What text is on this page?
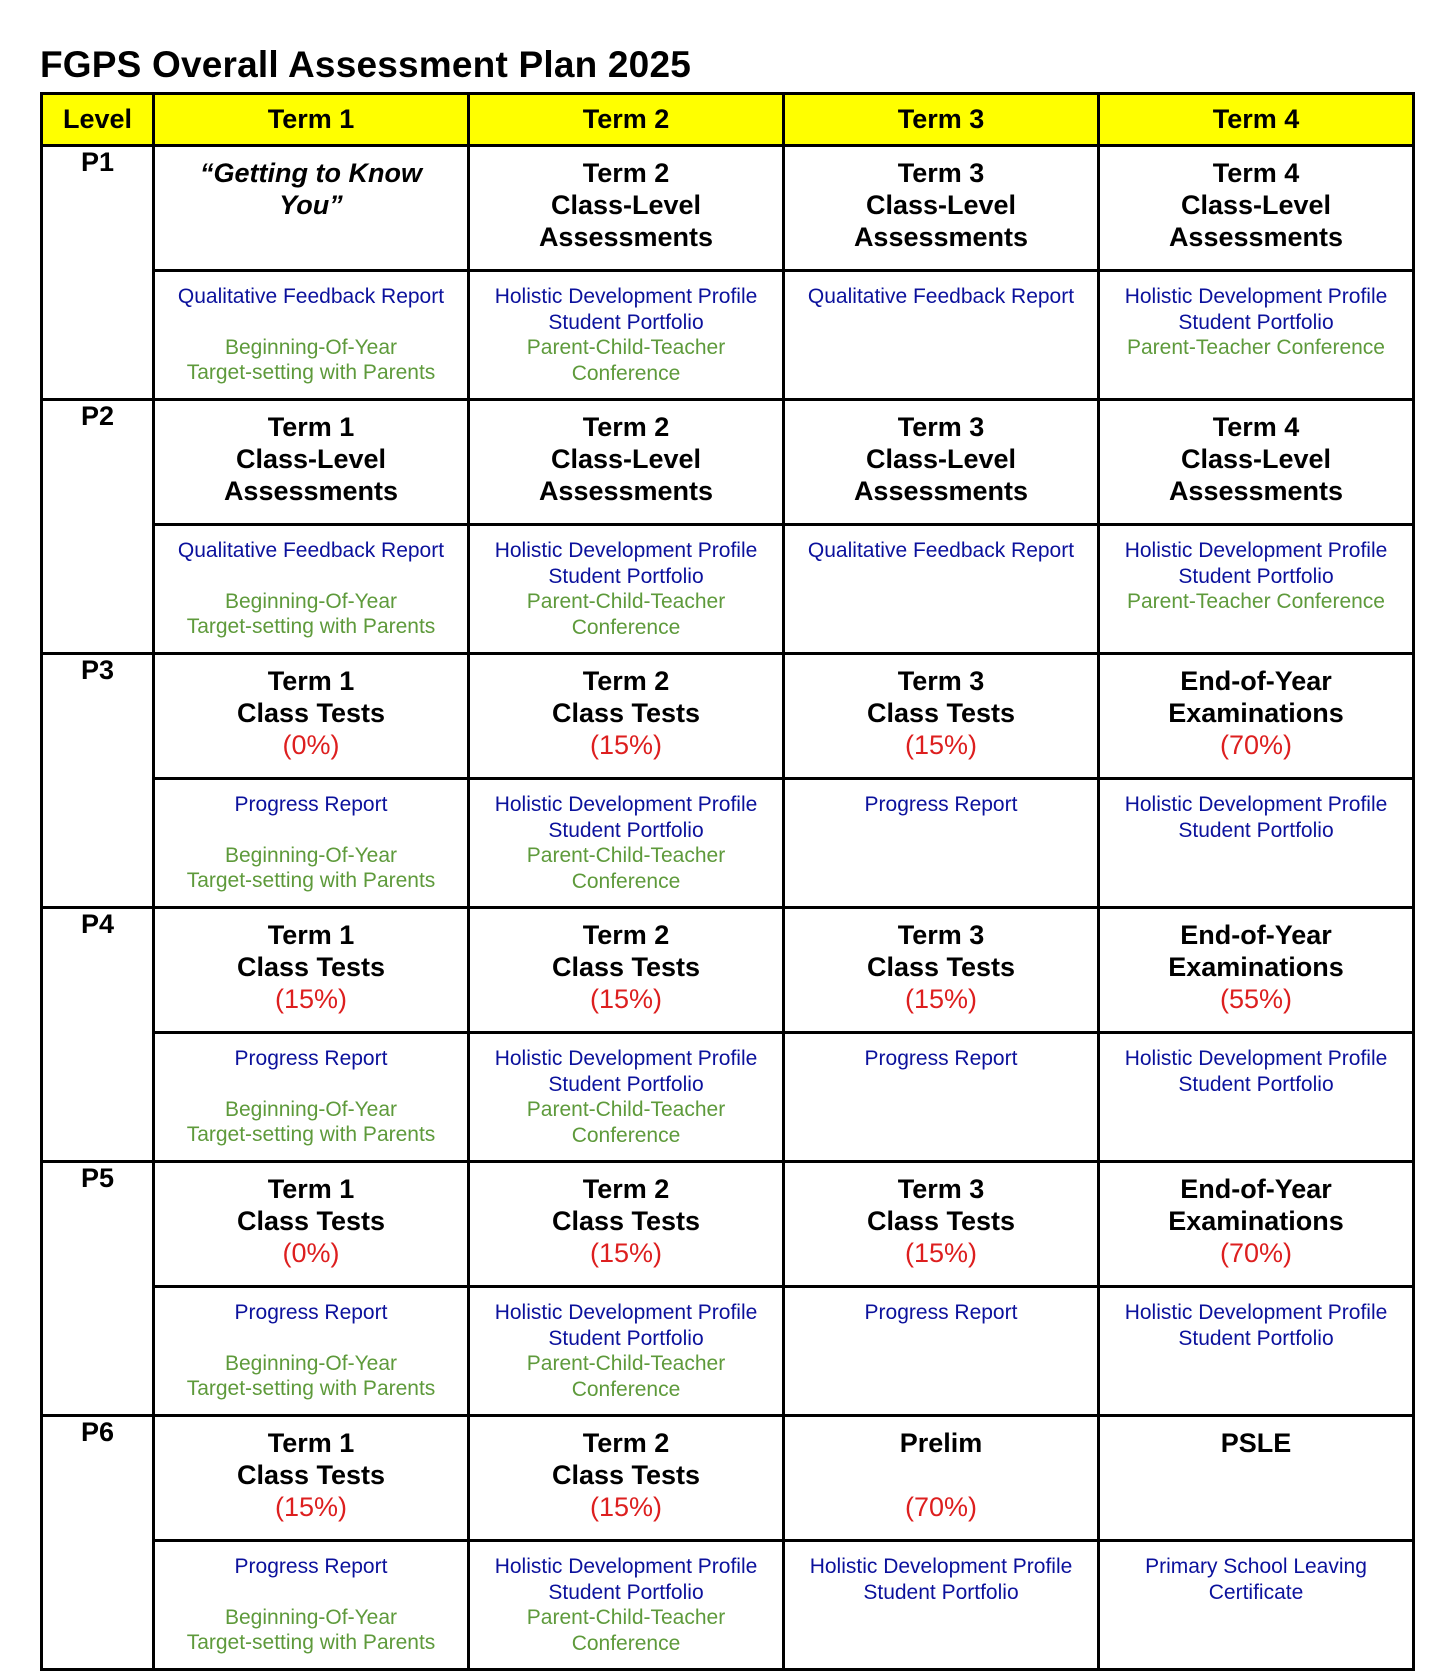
FGPS Overall Assessment Plan 2025
Level	Term 1	Term 2	Term 3	Term 4
P1	“Getting to Know
You”	Term 2
Class-Level
Assessments	Term 3
Class-Level
Assessments	Term 4
Class-Level
Assessments

	Qualitative Feedback Report
Beginning-Of-Year
Target-setting with Parents	Holistic Development Profile
Student Portfolio
Parent-Child-Teacher
Conference	Qualitative Feedback Report	Holistic Development Profile
Student Portfolio
Parent-Teacher Conference

P2	Term 1
Class-Level
Assessments	Term 2
Class-Level
Assessments	Term 3
Class-Level
Assessments	Term 4
Class-Level
Assessments

	Qualitative Feedback Report
Beginning-Of-Year
Target-setting with Parents	Holistic Development Profile
Student Portfolio
Parent-Child-Teacher
Conference	Qualitative Feedback Report	Holistic Development Profile
Student Portfolio
Parent-Teacher Conference

P3	Term 1
Class Tests
(0%)	Term 2
Class Tests
(15%)	Term 3
Class Tests
(15%)	End-of-Year
Examinations
(70%)

	Progress Report
Beginning-Of-Year
Target-setting with Parents	Holistic Development Profile
Student Portfolio
Parent-Child-Teacher
Conference	Progress Report	Holistic Development Profile
Student Portfolio

P4	Term 1
Class Tests
(15%)	Term 2
Class Tests
(15%)	Term 3
Class Tests
(15%)	End-of-Year
Examinations
(55%)

	Progress Report
Beginning-Of-Year
Target-setting with Parents	Holistic Development Profile
Student Portfolio
Parent-Child-Teacher
Conference	Progress Report	Holistic Development Profile
Student Portfolio

P5	Term 1
Class Tests
(0%)	Term 2
Class Tests
(15%)	Term 3
Class Tests
(15%)	End-of-Year
Examinations
(70%)

	Progress Report
Beginning-Of-Year
Target-setting with Parents	Holistic Development Profile
Student Portfolio
Parent-Child-Teacher
Conference	Progress Report	Holistic Development Profile
Student Portfolio

P6	Term 1
Class Tests
(15%)	Term 2
Class Tests
(15%)	Prelim

(70%)	PSLE

	Progress Report
Beginning-Of-Year
Target-setting with Parents	Holistic Development Profile
Student Portfolio
Parent-Child-Teacher
Conference	Holistic Development Profile
Student Portfolio	Primary School Leaving
Certificate
